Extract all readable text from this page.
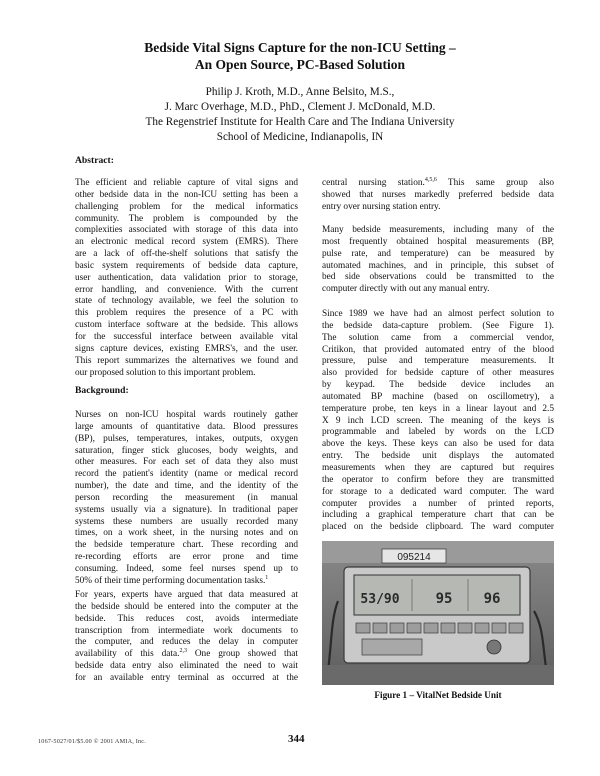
Bedside Vital Signs Capture for the non-ICU Setting –
An Open Source, PC-Based Solution
Philip J. Kroth, M.D., Anne Belsito, M.S.,
J. Marc Overhage, M.D., PhD., Clement J. McDonald, M.D.
The Regenstrief Institute for Health Care and The Indiana University
School of Medicine, Indianapolis, IN
Abstract:
The efficient and reliable capture of vital signs and
other bedside data in the non-ICU setting has been a
challenging problem for the medical informatics
community. The problem is compounded by the
complexities associated with storage of this data into
an electronic medical record system (EMRS). There
are a lack of off-the-shelf solutions that satisfy the
basic system requirements of bedside data capture,
user authentication, data validation prior to storage,
error handling, and convenience. With the current
state of technology available, we feel the solution to
this problem requires the presence of a PC with
custom interface software at the bedside. This allows
for the successful interface between available vital
signs capture devices, existing EMRS's, and the user.
This report summarizes the alternatives we found and
our proposed solution to this important problem.
Background:
Nurses on non-ICU hospital wards routinely gather
large amounts of quantitative data. Blood pressures
(BP), pulses, temperatures, intakes, outputs, oxygen
saturation, finger stick glucoses, body weights, and
other measures. For each set of data they also must
record the patient's identity (name or medical record
number), the date and time, and the identity of the
person recording the measurement (in manual
systems usually via a signature). In traditional paper
systems these numbers are usually recorded many
times, on a work sheet, in the nursing notes and on
the bedside temperature chart. These recording and
re-recording efforts are error prone and time
consuming. Indeed, some feel nurses spend up to
50% of their time performing documentation tasks.$^1$
For years, experts have argued that data measured at
the bedside should be entered into the computer at the
bedside. This reduces cost, avoids intermediate
transcription from intermediate work documents to
the computer, and reduces the delay in computer
availability of this data.$^{2,3}$ One group showed that
bedside data entry also eliminated the need to wait
for an available entry terminal as occurred at the
central nursing station.$^{4,5,6}$ This same group also
showed that nurses markedly preferred bedside data
entry over nursing station entry.
Many bedside measurements, including many of the
most frequently obtained hospital measurements (BP,
pulse rate, and temperature) can be measured by
automated machines, and in principle, this subset of
bed side observations could be transmitted to the
computer directly with out any manual entry.
Since 1989 we have had an almost perfect solution to
the bedside data-capture problem. (See Figure 1).
The solution came from a commercial vendor,
Critikon, that provided automated entry of the blood
pressure, pulse and temperature measurements. It
also provided for bedside capture of other measures
by keypad. The bedside device includes an
automated BP machine (based on oscillometry), a
temperature probe, ten keys in a linear layout and 2.5
X 9 inch LCD screen. The meaning of the keys is
programmable and labeled by words on the LCD
above the keys. These keys can also be used for data
entry. The bedside unit displays the automated
measurements when they are captured but requires
the operator to confirm before they are transmitted
for storage to a dedicated ward computer. The ward
computer provides a number of printed reports,
including a graphical temperature chart that can be
placed on the bedside clipboard. The ward computer
095214
53/90	95 96
Figure 1 – VitalNet Bedside Unit
1067-5027/01/$5.00 © 2001 AMIA, Inc.	344
